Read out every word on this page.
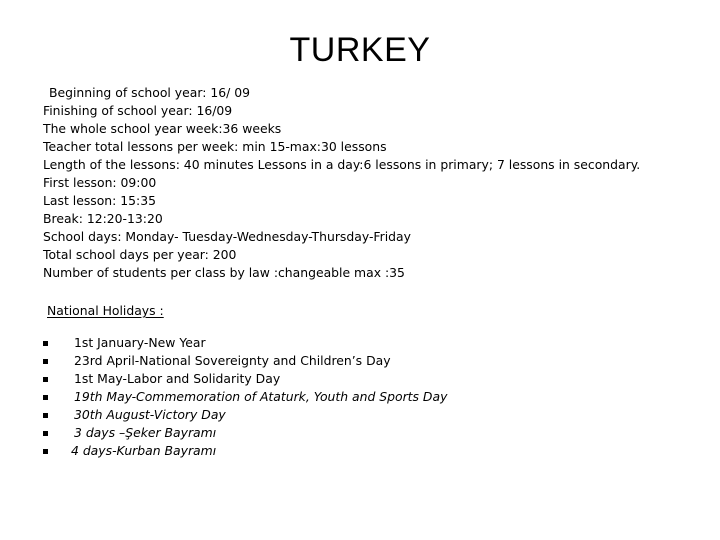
TURKEY
Beginning of school year: 16/ 09
Finishing of school year: 16/09
The whole school year week:36 weeks
Teacher total lessons per week: min 15-max:30 lessons
Length of the lessons: 40 minutes Lessons in a day:6 lessons in primary; 7 lessons in secondary.
First lesson: 09:00
Last lesson: 15:35
Break: 12:20-13:20
School days: Monday- Tuesday-Wednesday-Thursday-Friday
Total school days per year: 200
Number of students per class by law :changeable max :35
National Holidays :
1st January-New Year
23rd April-National Sovereignty and Children’s Day
1st May-Labor and Solidarity Day
19th May-Commemoration of Ataturk, Youth and Sports Day
30th August-Victory Day
3 days –Şeker Bayramı
4 days-Kurban Bayramı
